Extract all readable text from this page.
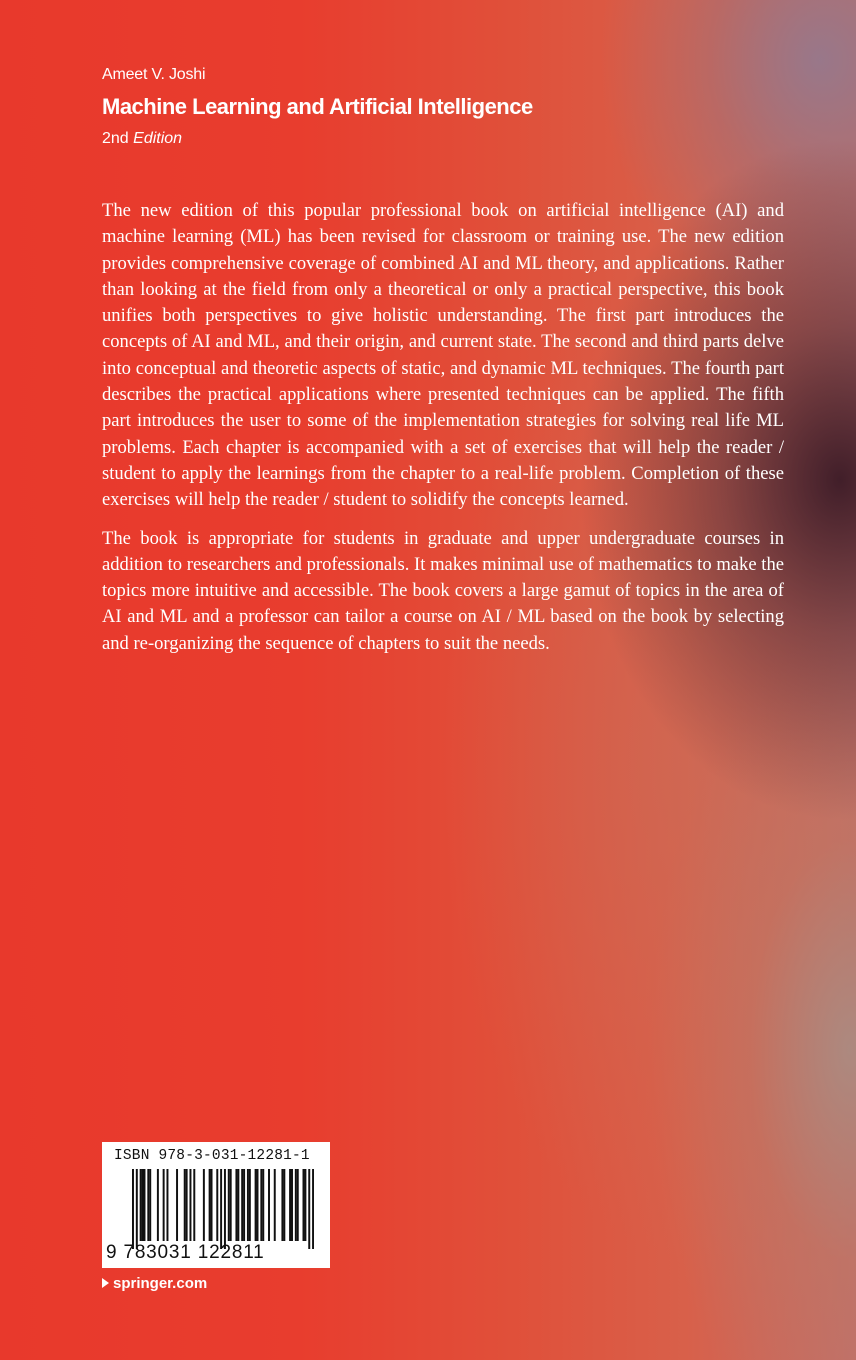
Ameet V. Joshi
Machine Learning and Artificial Intelligence
2nd Edition

The new edition of this popular professional book on artificial intelligence (AI) and machine learning (ML) has been revised for classroom or training use. The new edition provides comprehensive coverage of combined AI and ML theory, and applications. Rather than looking at the field from only a theoretical or only a practical perspective, this book unifies both perspectives to give holistic understanding. The first part introduces the concepts of AI and ML, and their origin, and current state. The second and third parts delve into conceptual and theoretic aspects of static, and dynamic ML techniques. The fourth part describes the practical applications where presented techniques can be applied. The fifth part introduces the user to some of the implementation strategies for solving real life ML problems. Each chapter is accompanied with a set of exercises that will help the reader / student to apply the learnings from the chapter to a real-life problem. Completion of these exercises will help the reader / student to solidify the concepts learned.

The book is appropriate for students in graduate and upper undergraduate courses in addition to researchers and professionals. It makes minimal use of mathematics to make the topics more intuitive and accessible. The book covers a large gamut of topics in the area of AI and ML and a professor can tailor a course on AI / ML based on the book by selecting and re-organizing the sequence of chapters to suit the needs.

ISBN 978-3-031-12281-1
9 783031 122811
springer.com
